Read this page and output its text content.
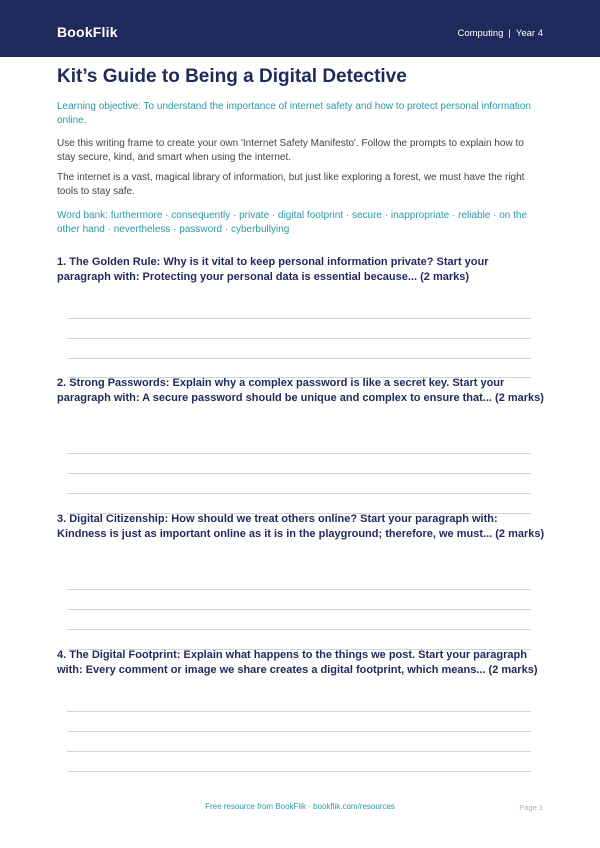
BookFlik	Computing | Year 4
Kit’s Guide to Being a Digital Detective
Learning objective: To understand the importance of internet safety and how to protect personal information online.
Use this writing frame to create your own 'Internet Safety Manifesto'. Follow the prompts to explain how to stay secure, kind, and smart when using the internet.
The internet is a vast, magical library of information, but just like exploring a forest, we must have the right tools to stay safe.
Word bank: furthermore · consequently · private · digital footprint · secure · inappropriate · reliable · on the other hand · nevertheless · password · cyberbullying
1. The Golden Rule: Why is it vital to keep personal information private? Start your paragraph with: Protecting your personal data is essential because... (2 marks)
2. Strong Passwords: Explain why a complex password is like a secret key. Start your paragraph with: A secure password should be unique and complex to ensure that... (2 marks)
3. Digital Citizenship: How should we treat others online? Start your paragraph with: Kindness is just as important online as it is in the playground; therefore, we must... (2 marks)
4. The Digital Footprint: Explain what happens to the things we post. Start your paragraph with: Every comment or image we share creates a digital footprint, which means... (2 marks)
Free resource from BookFlik · bookflik.com/resources	Page 1
